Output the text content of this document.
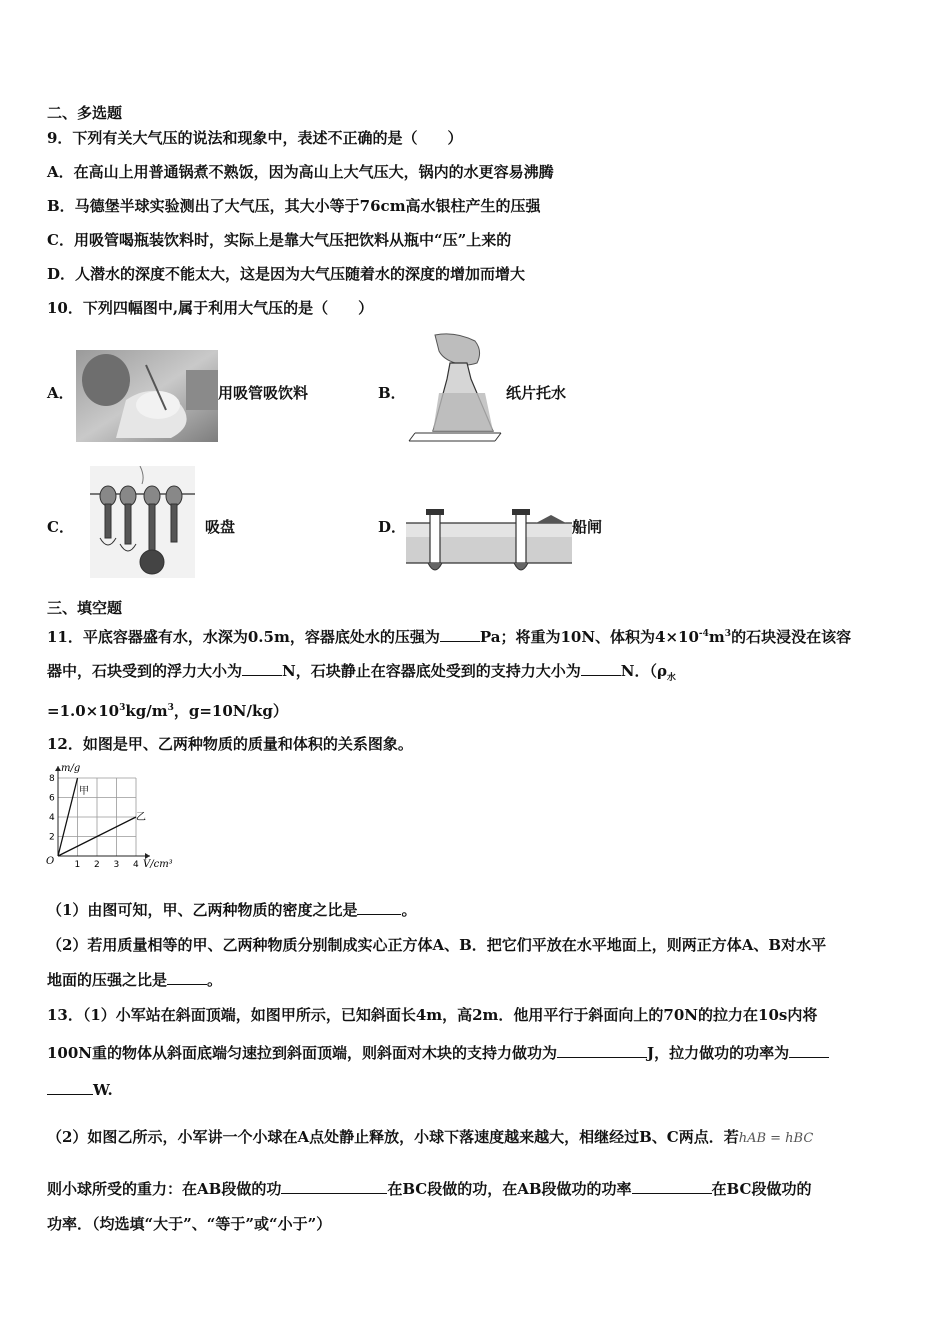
二、多选题
9．下列有关大气压的说法和现象中，表述不正确的是（　　）
A．在高山上用普通锅煮不熟饭，因为高山上大气压大，锅内的水更容易沸腾
B．马德堡半球实验测出了大气压，其大小等于76cm高水银柱产生的压强
C．用吸管喝瓶装饮料时，实际上是靠大气压把饮料从瓶中“压”上来的
D．人潜水的深度不能太大，这是因为大气压随着水的深度的增加而增大
10．下列四幅图中,属于利用大气压的是（　　）
A．	用吸管吸饮料	B．	纸片托水
C．	吸盘	D．	船闸
三、填空题
11．平底容器盛有水，水深为0.5m，容器底处水的压强为	Pa；将重为10N、体积为$4\times 10^{-4}m^3$的石块浸没在该容
器中，石块受到的浮力大小为	N，石块静止在容器底处受到的支持力大小为	N．（$\rho_水$
$=1.0\times 10^3kg/m^3$，g=10N/kg）
12．如图是甲、乙两种物质的质量和体积的关系图象。
1 2 3 4
2
4
6
8
m/g
V/cm³
O
甲
乙
（1）由图可知，甲、乙两种物质的密度之比是	。
（2）若用质量相等的甲、乙两种物质分别制成实心正方体A、B．把它们平放在水平地面上，则两正方体A、B对水平
地面的压强之比是	。
13．（1）小军站在斜面顶端，如图甲所示，已知斜面长4m，高2m．他用平行于斜面向上的70N的拉力在10s内将
100N重的物体从斜面底端匀速拉到斜面顶端，则斜面对木块的支持力做功为	J，拉力做功的功率为
W.
（2）如图乙所示，小军讲一个小球在A点处静止释放，小球下落速度越来越大，相继经过B、C两点．若hAB = hBC
则小球所受的重力：在AB段做的功	在BC段做的功，在AB段做功的功率	在BC段做功的
功率．（均选填“大于”、“等于”或“小于”）
